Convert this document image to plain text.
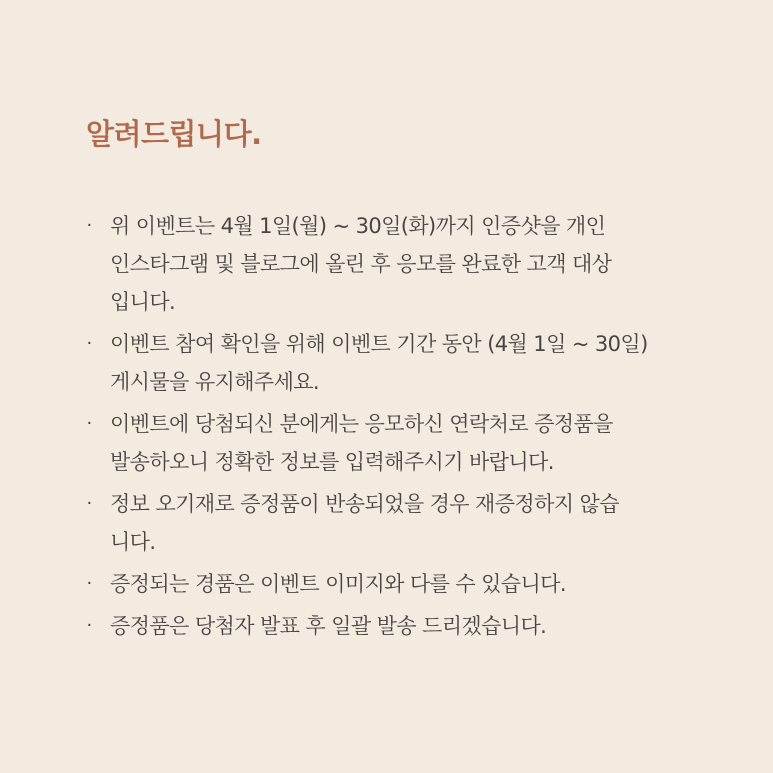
알려드립니다.
· 위 이벤트는 4월 1일(월) ~ 30일(화)까지 인증샷을 개인
인스타그램 및 블로그에 올린 후 응모를 완료한 고객 대상
입니다.
· 이벤트 참여 확인을 위해 이벤트 기간 동안 (4월 1일 ~ 30일)
게시물을 유지해주세요.
· 이벤트에 당첨되신 분에게는 응모하신 연락처로 증정품을
발송하오니 정확한 정보를 입력해주시기 바랍니다.
· 정보 오기재로 증정품이 반송되었을 경우 재증정하지 않습
니다.
· 증정되는 경품은 이벤트 이미지와 다를 수 있습니다.
· 증정품은 당첨자 발표 후 일괄 발송 드리겠습니다.
